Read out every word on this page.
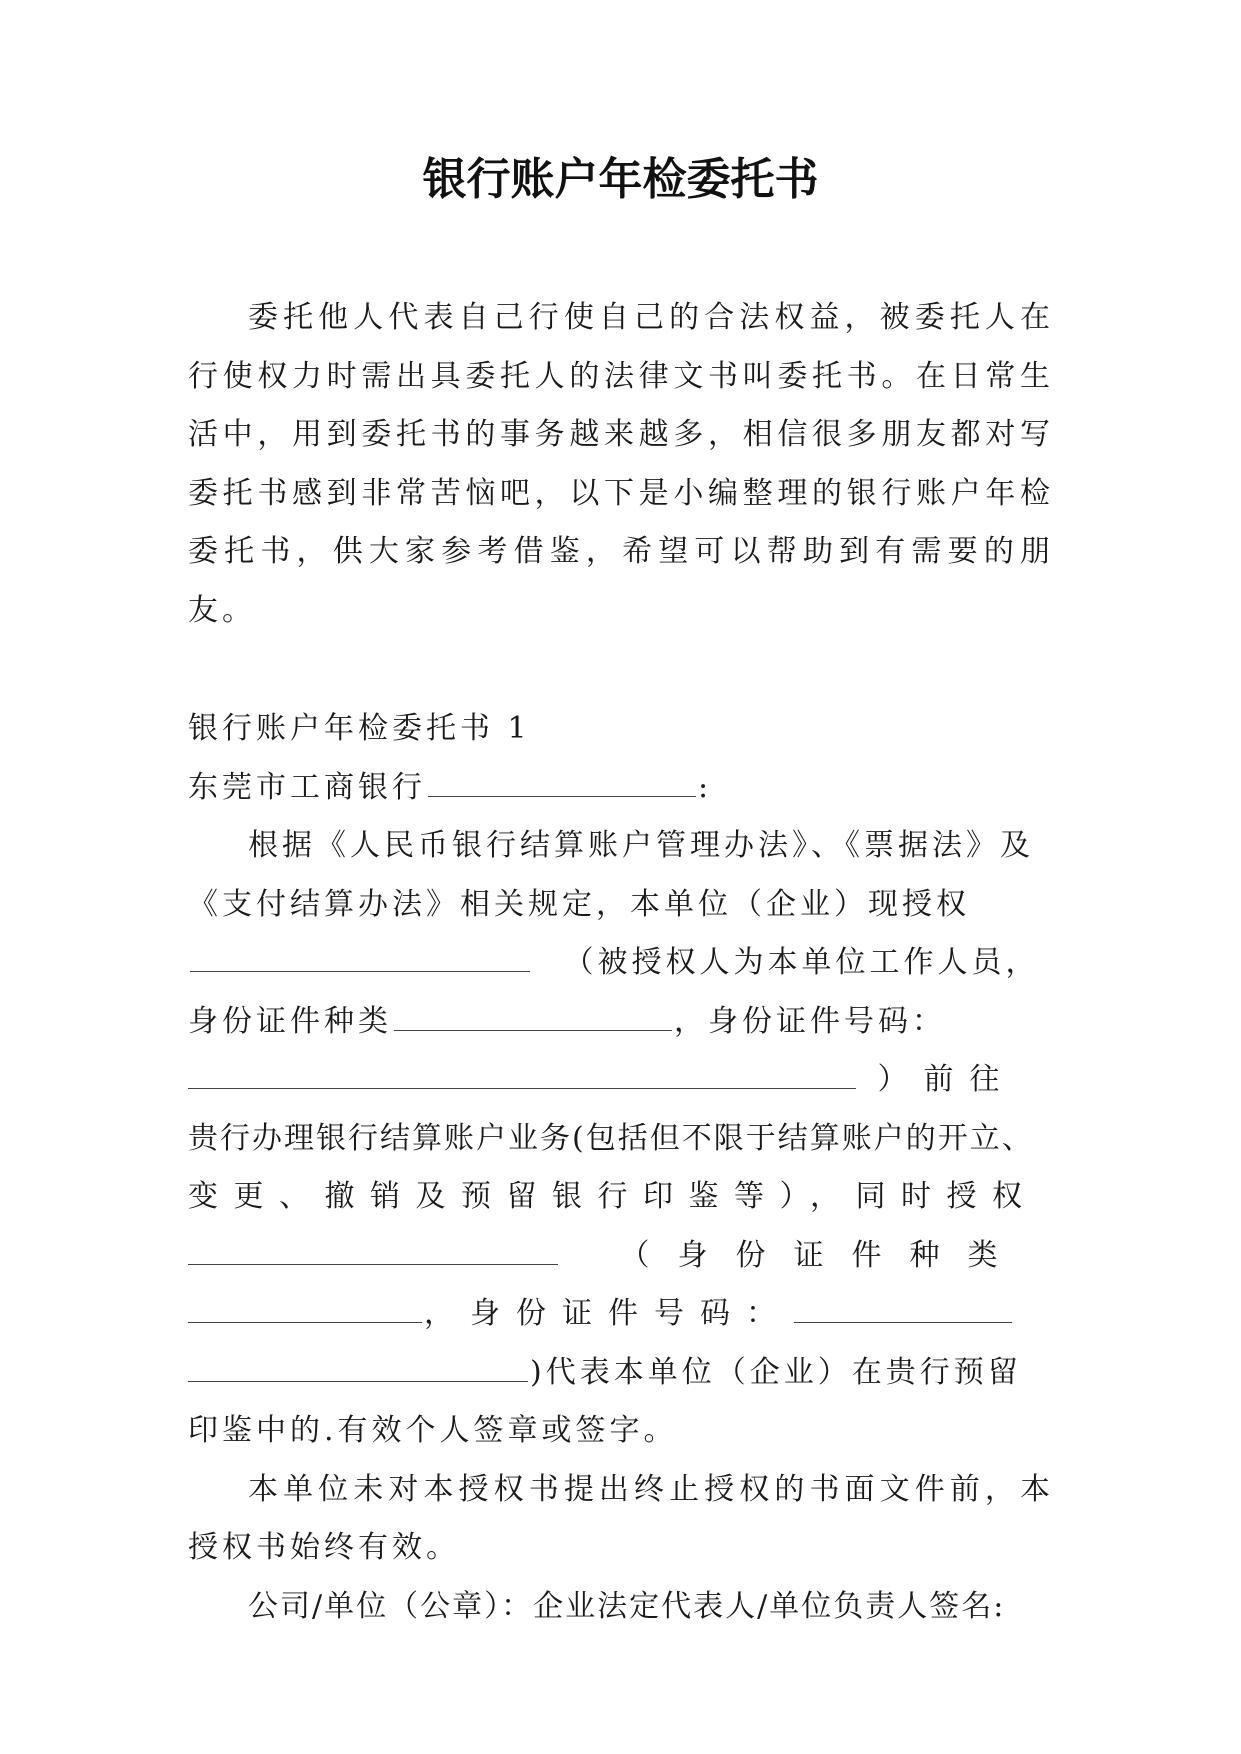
银行账户年检委托书

委托他人代表自己行使自己的合法权益，被委托人在行使权力时需出具委托人的法律文书叫委托书。在日常生活中，用到委托书的事务越来越多，相信很多朋友都对写委托书感到非常苦恼吧，以下是小编整理的银行账户年检委托书，供大家参考借鉴，希望可以帮助到有需要的朋友。

银行账户年检委托书 1

东莞市工商银行	:

根据《人民币银行结算账户管理办法》、《票据法》及

《支付结算办法》相关规定，本单位（企业）现授权

（被授权人为本单位工作人员，

身份证件种类	，身份证件号码：

）前往

贵行办理银行结算账户业务(包括但不限于结算账户的开立、

变更、撤销及预留银行印鉴等），同时授权

（身份证件种类

，身份证件号码：

)代表本单位（企业）在贵行预留

印鉴中的.有效个人签章或签字。

本单位未对本授权书提出终止授权的书面文件前，本授权书始终有效。

公司/单位（公章）：企业法定代表人/单位负责人签名:
